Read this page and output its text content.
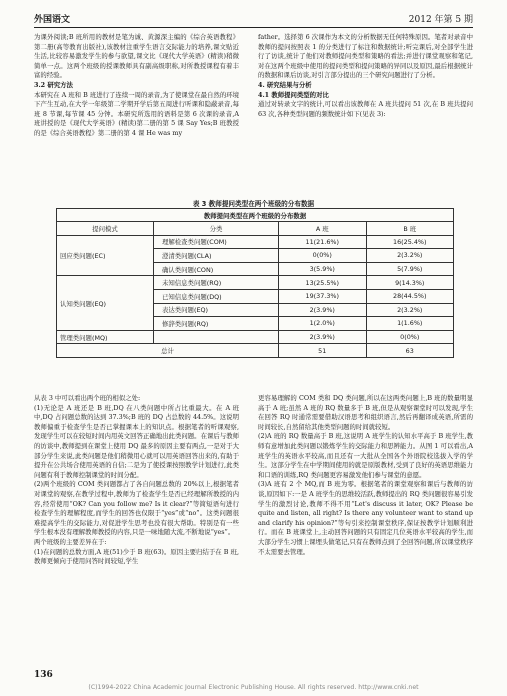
外国语文	2012 年第 5 期

为课外阅读;B 班所用的教材是笔为诚、黄源深主编的《综合英语教程》第二册(高等教育出版社),该教材注重学生语言交际能力的培养,课文贴近生活,比较容易激发学生的参与欲望,课文比《现代大学英语》(精读)稍微简单一点。这两个班级的授课教师具有副高级职称,对所教授课程有着丰富的经验。

3.2 研究方法

本研究在 A 班和 B 班进行了连续一周的录音,为了使课堂在最自然的环境下产生互动,在大学一年级第二学期开学后第五周进行听课和隐蔽录音,每班 8 节课,每节课 45 分钟。本研究所选用的语料是第 6 次课的录音,A 班讲授的是《现代大学英语》(精读)第二册的第 5 课 Say Yes;B 班教授的是《综合英语教程》第二册的第 4 课 He was my

father。选择第 6 次课作为本文的分析数据无任何特殊原因。笔者对录音中教师的提问按照表 1 的分类进行了标注和数据统计;听完课后,对全部学生进行了访谈,统计了他们对教师提问类型和策略的看法;并进行课堂观察和笔记,对在这两个班级中使用的提问类型和提问策略的异同以及原因,最后根据统计的数据和课后访谈,对引言部分提出的三个研究问题进行了分析。

4. 研究结果与分析

4.1 教师提问类型的对比

通过对转录文字的统计,可以看出该教师在 A 班共提问 51 次,在 B 班共提问 63 次,各种类型问题的频数统计如下(见表 3):

表 3 教师提问类型在两个班级的分布数据
教师提问类型在两个班级的分布数据			
提问模式	分类	A 班	B 班
回应类问题(EC)	理解检查类问题(COM)	11(21.6%)	16(25.4%)
	澄清类问题(CLA)	0(0%)	2(3.2%)
	确认类问题(CON)	3(5.9%)	5(7.9%)
认知类问题(EQ)	未知信息类问题(RQ)	13(25.5%)	9(14.3%)
	已知信息类问题(DQ)	19(37.3%)	28(44.5%)
	表达类问题(EQ)	2(3.9%)	2(3.2%)
	修辞类问题(RQ)	1(2.0%)	1(1.6%)
管理类问题(MQ)		2(3.9%)	0(0%)
总计		51	63

从表 3 中可以看出两个班的相似之处:

(1)无论是 A 班还是 B 班,DQ 在八类问题中所占比重最大。在 A 班中,DQ 占问题总数的达到 37.3%;B 班的 DQ 占总数的 44.5%。这说明教师偏重于检查学生是否已掌握课本上的知识点。根据笔者的听课观察,发现学生可以在较短时间内用英文回答正确地出此类问题。在课后与教师的访谈中,教师提到在课堂上使用 DQ 最多的原因主要有两点,一是对于大部分学生来说,此类问题是他们稍微用心就可以用英语回答出来的,有助于提升在公共场合使用英语的自信;二是为了使授课按照教学计划进行,此类问题有利于教师控制课堂的时间分配。

(2)两个班级的 COM 类问题都占了各自问题总数的 20%以上,根据笔者对课堂的观察,在教学过程中,教师为了检查学生是否已经理解所教授的内容,经常使用“OK? Can you follow me? Is it clear?”等简短语句进行检查学生的理解程度,而学生的回答也仅限于“yes”或“no”。这类问题很难提高学生的交际能力,对促进学生思考也没有很大帮助。特别是有一些学生根本没有理解教师教授的内容,只是一味地随大流,不断地说“yes”。

两个班级的主要差异在于:

(1)在问题的总数方面,A 班(51)少于 B 班(63)。原因主要归结于在 B 班,教师更倾向于使用问答时间较短,学生

更容易理解的 COM 类和 DQ 类问题,所以在这两类问题上,B 班的数量明显高于 A 班;虽然 A 班的 RQ 数量多于 B 班,但是从观察课堂时可以发现,学生在回答 RQ 时通常需要借助汉语思考和组织语言,然后再翻译成英语,所需的时间较长,自然留给其他类型问题的时间就较短。

(2)A 班的 RQ 数量高于 B 班,这说明 A 班学生的认知水平高于 B 班学生,教师有意增加此类问题以锻炼学生的交际能力和思辨能力。从图 1 可以看出,A 班学生的英语水平较高,而且还有一大批从全国各个外语院校选拔入学的学生。这部分学生在中学期间使用的就是原版教材,受到了良好的英语思维能力和口语的训练,RQ 类问题更容易激发他们参与课堂的意愿。

(3)A 班有 2 个 MQ,而 B 班为零。根据笔者的课堂观察和课后与教师的访谈,原因如下:一是 A 班学生的思维较活跃,教师提出的 RQ 类问题很容易引发学生的激烈讨论,教师不得不用“Let's discuss it later, OK? Please be quite and listen, all right? Is there any volunteer want to stand up and clarify his opinion?”等句引来控制课堂秩序,保证按教学计划顺利进行。而在 B 班课堂上,主动回答问题的只有固定几位英语水平较高的学生,而大部分学生习惯上课埋头做笔记,只有在教师点到了全回答问题,所以课堂秩序不太需要去管理。

136
(C)1994-2022 China Academic Journal Electronic Publishing House. All rights reserved. http://www.cnki.net
